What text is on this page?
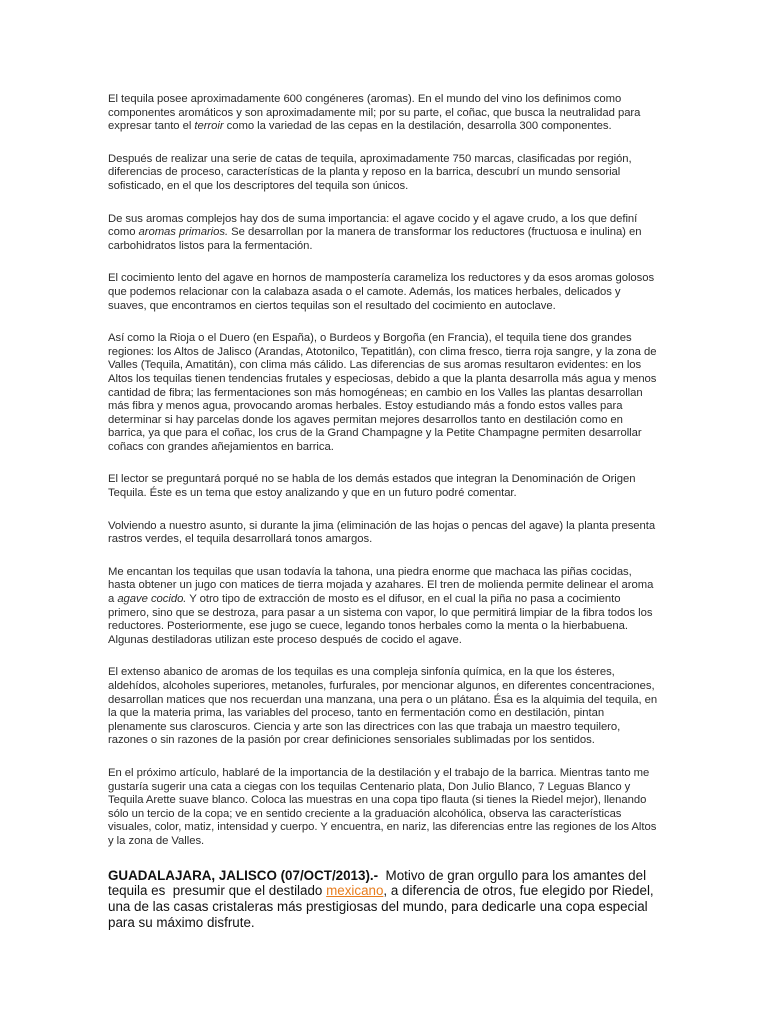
El tequila posee aproximadamente 600 congéneres (aromas). En el mundo del vino los definimos como componentes aromáticos y son aproximadamente mil; por su parte, el coñac, que busca la neutralidad para expresar tanto el terroir como la variedad de las cepas en la destilación, desarrolla 300 componentes.

Después de realizar una serie de catas de tequila, aproximadamente 750 marcas, clasificadas por región, diferencias de proceso, características de la planta y reposo en la barrica, descubrí un mundo sensorial sofisticado, en el que los descriptores del tequila son únicos.

De sus aromas complejos hay dos de suma importancia: el agave cocido y el agave crudo, a los que definí como aromas primarios. Se desarrollan por la manera de transformar los reductores (fructuosa e inulina) en carbohidratos listos para la fermentación.

El cocimiento lento del agave en hornos de mampostería carameliza los reductores y da esos aromas golosos que podemos relacionar con la calabaza asada o el camote. Además, los matices herbales, delicados y suaves, que encontramos en ciertos tequilas son el resultado del cocimiento en autoclave.

Así como la Rioja o el Duero (en España), o Burdeos y Borgoña (en Francia), el tequila tiene dos grandes regiones: los Altos de Jalisco (Arandas, Atotonilco, Tepatitlán), con clima fresco, tierra roja sangre, y la zona de Valles (Tequila, Amatitán), con clima más cálido. Las diferencias de sus aromas resultaron evidentes: en los Altos los tequilas tienen tendencias frutales y especiosas, debido a que la planta desarrolla más agua y menos cantidad de fibra; las fermentaciones son más homogéneas; en cambio en los Valles las plantas desarrollan más fibra y menos agua, provocando aromas herbales. Estoy estudiando más a fondo estos valles para determinar si hay parcelas donde los agaves permitan mejores desarrollos tanto en destilación como en barrica, ya que para el coñac, los crus de la Grand Champagne y la Petite Champagne permiten desarrollar coñacs con grandes añejamientos en barrica.

El lector se preguntará porqué no se habla de los demás estados que integran la Denominación de Origen Tequila. Éste es un tema que estoy analizando y que en un futuro podré comentar.

Volviendo a nuestro asunto, si durante la jima (eliminación de las hojas o pencas del agave) la planta presenta rastros verdes, el tequila desarrollará tonos amargos.

Me encantan los tequilas que usan todavía la tahona, una piedra enorme que machaca las piñas cocidas, hasta obtener un jugo con matices de tierra mojada y azahares. El tren de molienda permite delinear el aroma a agave cocido. Y otro tipo de extracción de mosto es el difusor, en el cual la piña no pasa a cocimiento primero, sino que se destroza, para pasar a un sistema con vapor, lo que permitirá limpiar de la fibra todos los reductores. Posteriormente, ese jugo se cuece, legando tonos herbales como la menta o la hierbabuena. Algunas destiladoras utilizan este proceso después de cocido el agave.

El extenso abanico de aromas de los tequilas es una compleja sinfonía química, en la que los ésteres, aldehídos, alcoholes superiores, metanoles, furfurales, por mencionar algunos, en diferentes concentraciones, desarrollan matices que nos recuerdan una manzana, una pera o un plátano. Ésa es la alquimia del tequila, en la que la materia prima, las variables del proceso, tanto en fermentación como en destilación, pintan plenamente sus claroscuros. Ciencia y arte son las directrices con las que trabaja un maestro tequilero, razones o sin razones de la pasión por crear definiciones sensoriales sublimadas por los sentidos.

En el próximo artículo, hablaré de la importancia de la destilación y el trabajo de la barrica. Mientras tanto me gustaría sugerir una cata a ciegas con los tequilas Centenario plata, Don Julio Blanco, 7 Leguas Blanco y Tequila Arette suave blanco. Coloca las muestras en una copa tipo flauta (si tienes la Riedel mejor), llenando sólo un tercio de la copa; ve en sentido creciente a la graduación alcohólica, observa las características visuales, color, matiz, intensidad y cuerpo. Y encuentra, en nariz, las diferencias entre las regiones de los Altos y la zona de Valles.

GUADALAJARA, JALISCO (07/OCT/2013).-  Motivo de gran orgullo para los amantes del tequila es  presumir que el destilado mexicano, a diferencia de otros, fue elegido por Riedel, una de las casas cristaleras más prestigiosas del mundo, para dedicarle una copa especial para su máximo disfrute.
